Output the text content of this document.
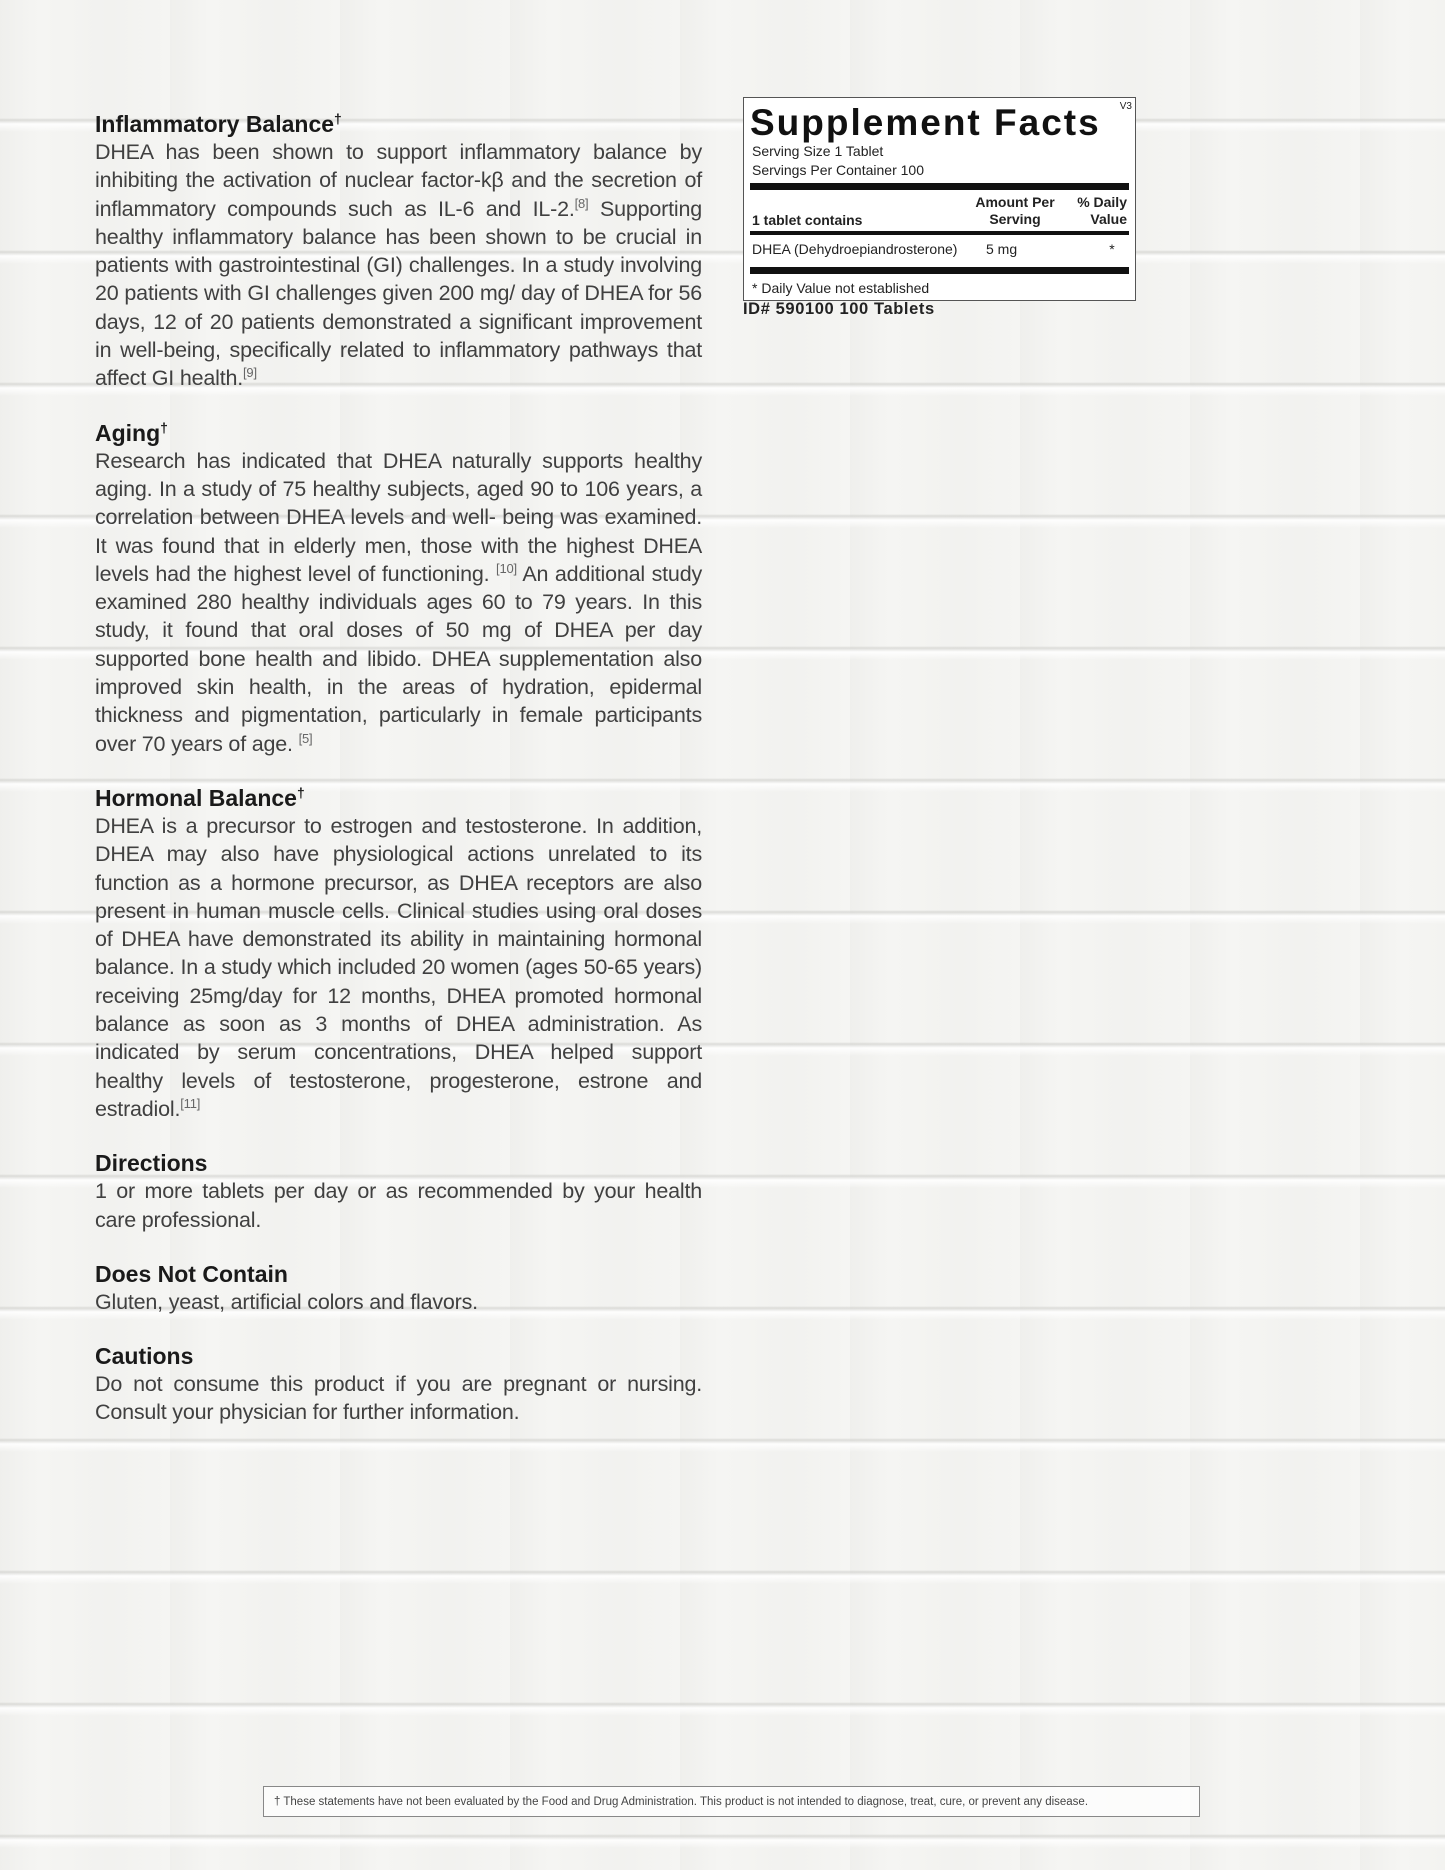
Inflammatory Balance†

DHEA has been shown to support inflammatory balance by inhibiting the activation of nuclear factor-kβ and the secretion of inflammatory compounds such as IL-6 and IL-2.[8] Supporting healthy inflammatory balance has been shown to be crucial in patients with gastrointestinal (GI) challenges. In a study involving 20 patients with GI challenges given 200 mg/ day of DHEA for 56 days, 12 of 20 patients demonstrated a significant improvement in well-being, specifically related to inflammatory pathways that affect GI health.[9]

Aging†

Research has indicated that DHEA naturally supports healthy aging. In a study of 75 healthy subjects, aged 90 to 106 years, a correlation between DHEA levels and well- being was examined. It was found that in elderly men, those with the highest DHEA levels had the highest level of functioning. [10] An additional study examined 280 healthy individuals ages 60 to 79 years. In this study, it found that oral doses of 50 mg of DHEA per day supported bone health and libido. DHEA supplementation also improved skin health, in the areas of hydration, epidermal thickness and pigmentation, particularly in female participants over 70 years of age. [5]

Hormonal Balance†

DHEA is a precursor to estrogen and testosterone. In addition, DHEA may also have physiological actions unrelated to its function as a hormone precursor, as DHEA receptors are also present in human muscle cells. Clinical studies using oral doses of DHEA have demonstrated its ability in maintaining hormonal balance. In a study which included 20 women (ages 50-65 years) receiving 25mg/day for 12 months, DHEA promoted hormonal balance as soon as 3 months of DHEA administration. As indicated by serum concentrations, DHEA helped support healthy levels of testosterone, progesterone, estrone and estradiol.[11]

Directions

1 or more tablets per day or as recommended by your health care professional.

Does Not Contain

Gluten, yeast, artificial colors and flavors.

Cautions

Do not consume this product if you are pregnant or nursing. Consult your physician for further information.

V3
Supplement Facts
Serving Size 1 Tablet
Servings Per Container 100
1 tablet contains
Amount Per
Serving
% Daily
Value
DHEA (Dehydroepiandrosterone)	5 mg	*
* Daily Value not established
ID# 590100 100 Tablets
† These statements have not been evaluated by the Food and Drug Administration. This product is not intended to diagnose, treat, cure, or prevent any disease.
